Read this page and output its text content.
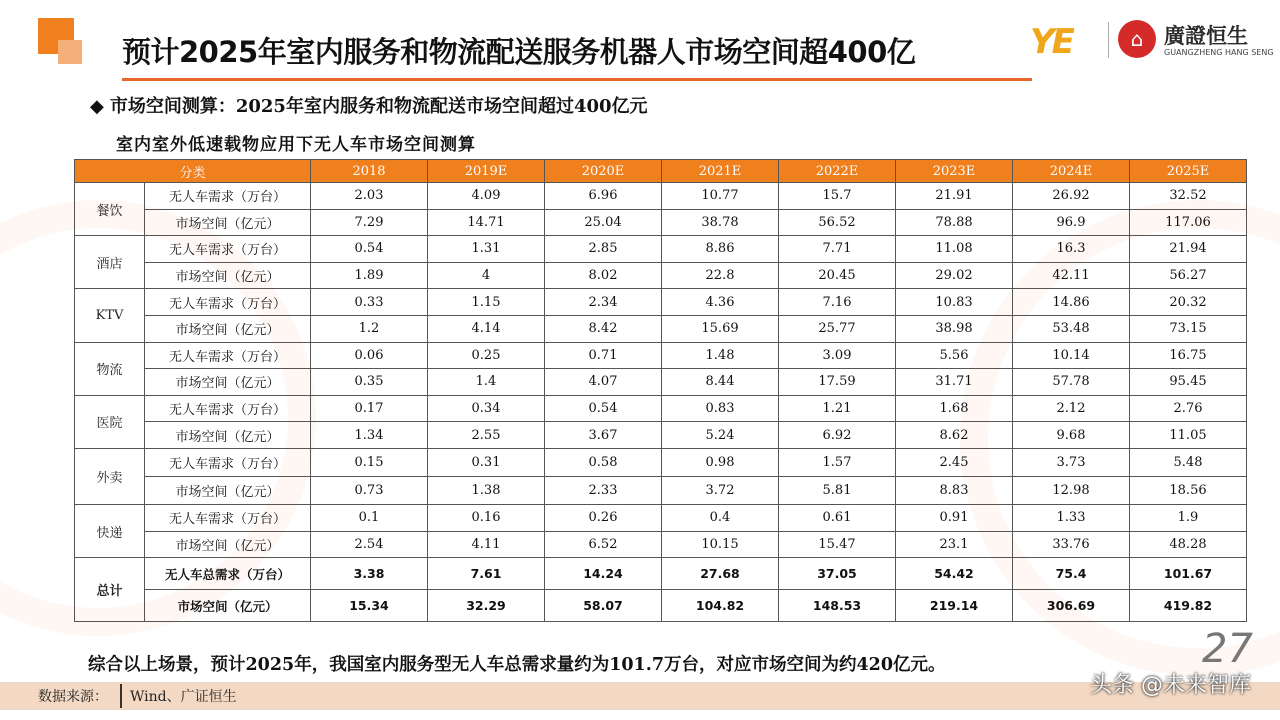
预计2025年室内服务和物流配送服务机器人市场空间超400亿	YE	⌂ 廣證恒生
GUANGZHENG HANG SENG
◆ 市场空间测算：2025年室内服务和物流配送市场空间超过400亿元
室内室外低速载物应用下无人车市场空间测算
分类		2018	2019E	2020E	2021E	2022E	2023E	2024E	2025E
餐饮	无人车需求（万台）	2.03	4.09	6.96	10.77	15.7	21.91	26.92	32.52
	市场空间（亿元）	7.29	14.71	25.04	38.78	56.52	78.88	96.9	117.06
酒店	无人车需求（万台）	0.54	1.31	2.85	8.86	7.71	11.08	16.3	21.94
	市场空间（亿元）	1.89	4	8.02	22.8	20.45	29.02	42.11	56.27
KTV	无人车需求（万台）	0.33	1.15	2.34	4.36	7.16	10.83	14.86	20.32
	市场空间（亿元）	1.2	4.14	8.42	15.69	25.77	38.98	53.48	73.15
物流	无人车需求（万台）	0.06	0.25	0.71	1.48	3.09	5.56	10.14	16.75
	市场空间（亿元）	0.35	1.4	4.07	8.44	17.59	31.71	57.78	95.45
医院	无人车需求（万台）	0.17	0.34	0.54	0.83	1.21	1.68	2.12	2.76
	市场空间（亿元）	1.34	2.55	3.67	5.24	6.92	8.62	9.68	11.05
外卖	无人车需求（万台）	0.15	0.31	0.58	0.98	1.57	2.45	3.73	5.48
	市场空间（亿元）	0.73	1.38	2.33	3.72	5.81	8.83	12.98	18.56
快递	无人车需求（万台）	0.1	0.16	0.26	0.4	0.61	0.91	1.33	1.9
	市场空间（亿元）	2.54	4.11	6.52	10.15	15.47	23.1	33.76	48.28
总计	无人车总需求（万台）	3.38	7.61	14.24	27.68	37.05	54.42	75.4	101.67
	市场空间（亿元）	15.34	32.29	58.07	104.82	148.53	219.14	306.69	419.82
综合以上场景，预计2025年，我国室内服务型无人车总需求量约为101.7万台，对应市场空间为约420亿元。
数据来源： Wind、广证恒生
27
头条 @未来智库
